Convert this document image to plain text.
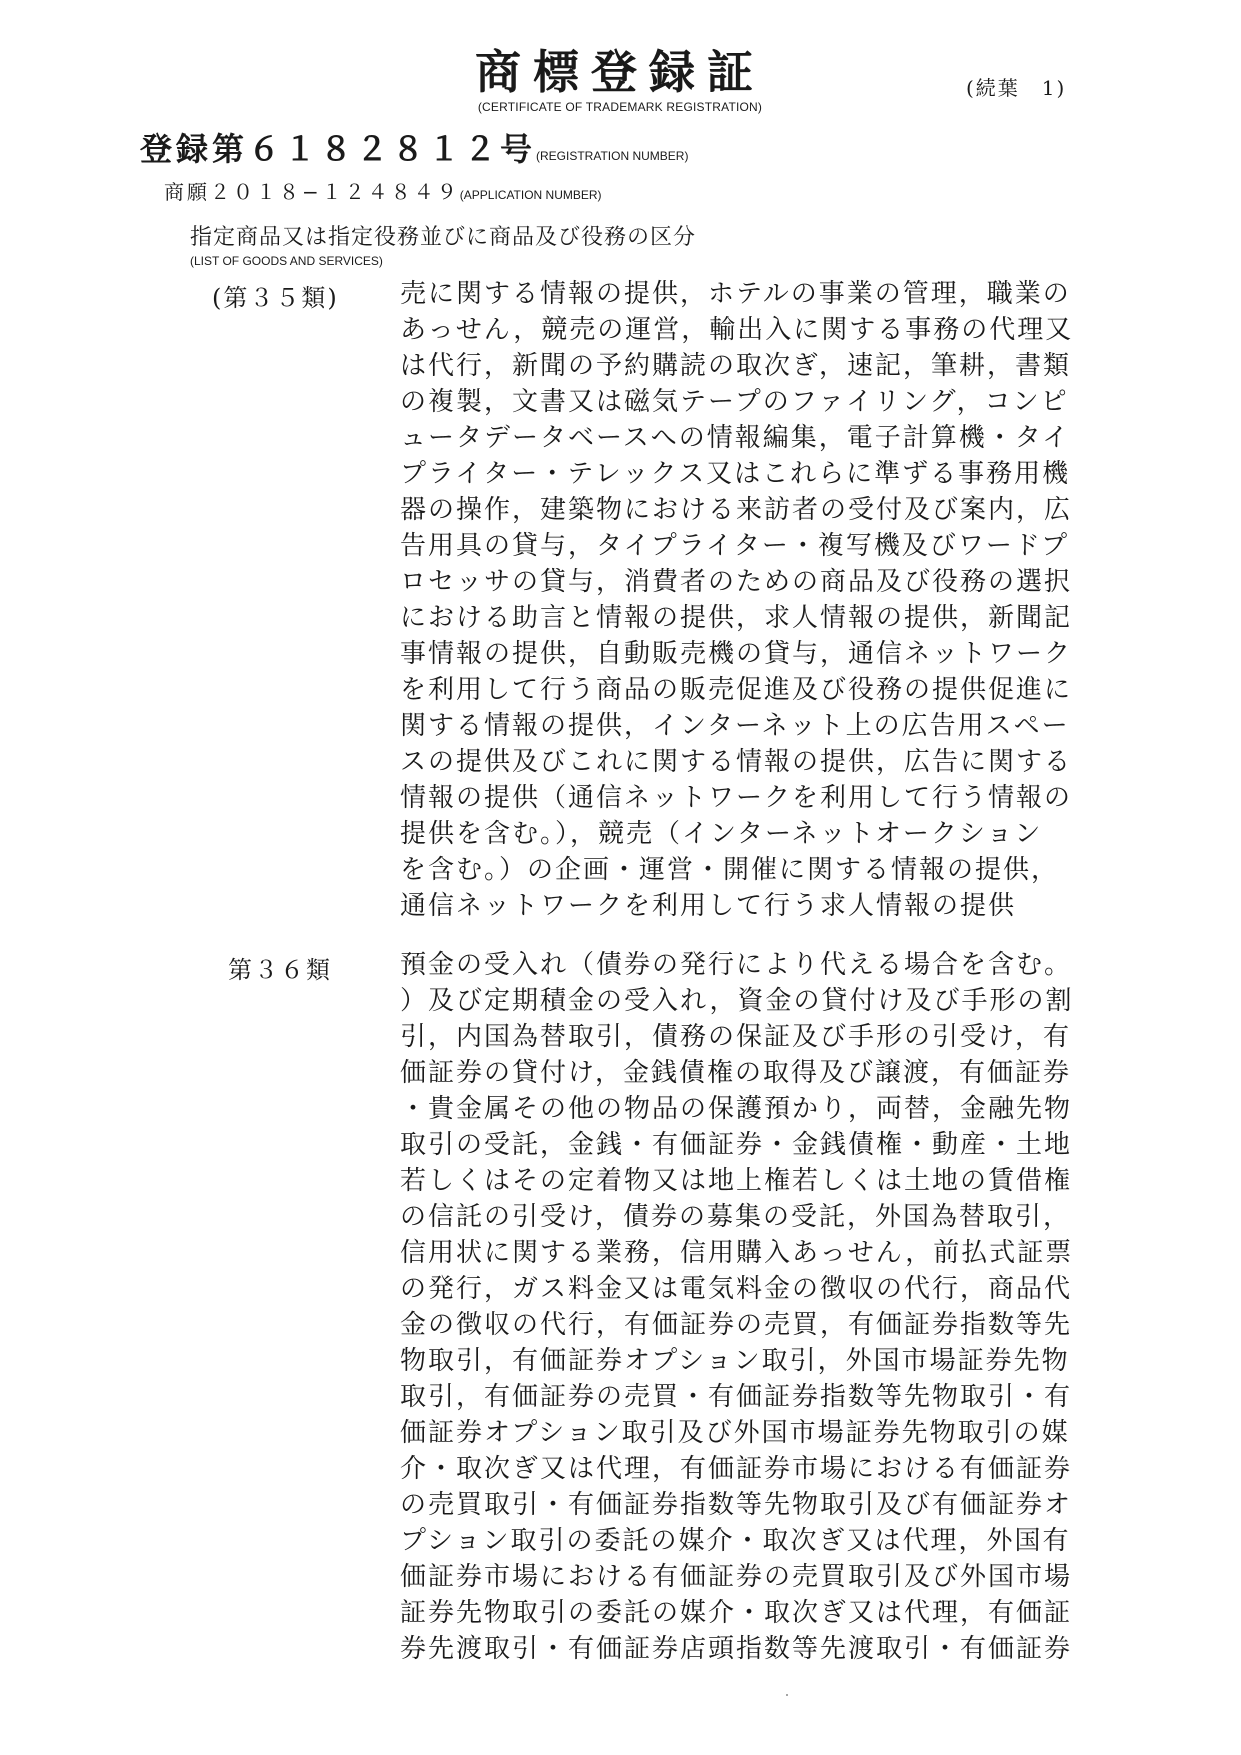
商標登録証
(CERTIFICATE OF TRADEMARK REGISTRATION)
(続葉　1)
登録第６１８２８１２号(REGISTRATION NUMBER)
商願２０１８−１２４８４９(APPLICATION NUMBER)
指定商品又は指定役務並びに商品及び役務の区分
(LIST OF GOODS AND SERVICES)
(第３５類) 売に関する情報の提供，ホテルの事業の管理，職業の
あっせん，競売の運営，輸出入に関する事務の代理又
は代行，新聞の予約購読の取次ぎ，速記，筆耕，書類
の複製，文書又は磁気テープのファイリング，コンピ
ュータデータベースへの情報編集，電子計算機・タイ
プライター・テレックス又はこれらに準ずる事務用機
器の操作，建築物における来訪者の受付及び案内，広
告用具の貸与，タイプライター・複写機及びワードプ
ロセッサの貸与，消費者のための商品及び役務の選択
における助言と情報の提供，求人情報の提供，新聞記
事情報の提供，自動販売機の貸与，通信ネットワーク
を利用して行う商品の販売促進及び役務の提供促進に
関する情報の提供，インターネット上の広告用スペー
スの提供及びこれに関する情報の提供，広告に関する
情報の提供（通信ネットワークを利用して行う情報の
提供を含む。），競売（インターネットオークション
を含む。）の企画・運営・開催に関する情報の提供，
通信ネットワークを利用して行う求人情報の提供
第３６類	預金の受入れ（債券の発行により代える場合を含む。
）及び定期積金の受入れ，資金の貸付け及び手形の割
引，内国為替取引，債務の保証及び手形の引受け，有
価証券の貸付け，金銭債権の取得及び譲渡，有価証券
・貴金属その他の物品の保護預かり，両替，金融先物
取引の受託，金銭・有価証券・金銭債権・動産・土地
若しくはその定着物又は地上権若しくは土地の賃借権
の信託の引受け，債券の募集の受託，外国為替取引，
信用状に関する業務，信用購入あっせん，前払式証票
の発行，ガス料金又は電気料金の徴収の代行，商品代
金の徴収の代行，有価証券の売買，有価証券指数等先
物取引，有価証券オプション取引，外国市場証券先物
取引，有価証券の売買・有価証券指数等先物取引・有
価証券オプション取引及び外国市場証券先物取引の媒
介・取次ぎ又は代理，有価証券市場における有価証券
の売買取引・有価証券指数等先物取引及び有価証券オ
プション取引の委託の媒介・取次ぎ又は代理，外国有
価証券市場における有価証券の売買取引及び外国市場
証券先物取引の委託の媒介・取次ぎ又は代理，有価証
券先渡取引・有価証券店頭指数等先渡取引・有価証券
